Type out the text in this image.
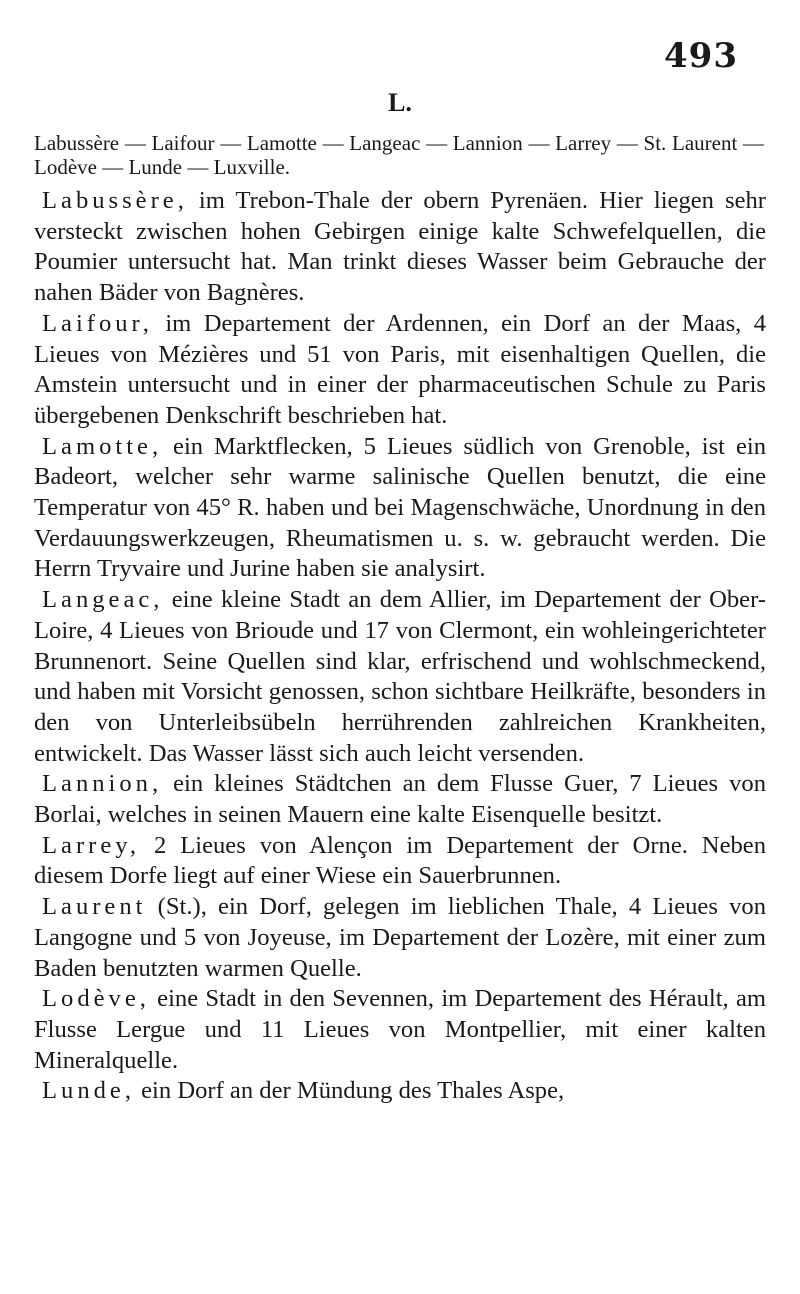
493
L.
Labussère — Laifour — Lamotte — Langeac — Lannion — Larrey — St. Laurent — Lodève — Lunde — Luxville.

Labussère, im Trebon-Thale der obern Pyrenäen. Hier liegen sehr versteckt zwischen hohen Gebirgen einige kalte Schwefelquellen, die Poumier untersucht hat. Man trinkt dieses Wasser beim Gebrauche der nahen Bäder von Bagnères.

Laifour, im Departement der Ardennen, ein Dorf an der Maas, 4 Lieues von Mézières und 51 von Paris, mit eisenhaltigen Quellen, die Amstein untersucht und in einer der pharmaceutischen Schule zu Paris übergebenen Denkschrift beschrieben hat.

Lamotte, ein Marktflecken, 5 Lieues südlich von Grenoble, ist ein Badeort, welcher sehr warme salinische Quellen benutzt, die eine Temperatur von 45° R. haben und bei Magenschwäche, Unordnung in den Verdauungswerkzeugen, Rheumatismen u. s. w. gebraucht werden. Die Herrn Tryvaire und Jurine haben sie analysirt.

Langeac, eine kleine Stadt an dem Allier, im Departement der Ober-Loire, 4 Lieues von Brioude und 17 von Clermont, ein wohleingerichteter Brunnenort. Seine Quellen sind klar, erfrischend und wohlschmeckend, und haben mit Vorsicht genossen, schon sichtbare Heilkräfte, besonders in den von Unterleibsübeln herrührenden zahlreichen Krankheiten, entwickelt. Das Wasser lässt sich auch leicht versenden.

Lannion, ein kleines Städtchen an dem Flusse Guer, 7 Lieues von Borlai, welches in seinen Mauern eine kalte Eisenquelle besitzt.

Larrey, 2 Lieues von Alençon im Departement der Orne. Neben diesem Dorfe liegt auf einer Wiese ein Sauerbrunnen.

Laurent (St.), ein Dorf, gelegen im lieblichen Thale, 4 Lieues von Langogne und 5 von Joyeuse, im Departement der Lozère, mit einer zum Baden benutzten warmen Quelle.

Lodève, eine Stadt in den Sevennen, im Departement des Hérault, am Flusse Lergue und 11 Lieues von Montpellier, mit einer kalten Mineralquelle.

Lunde, ein Dorf an der Mündung des Thales Aspe,
